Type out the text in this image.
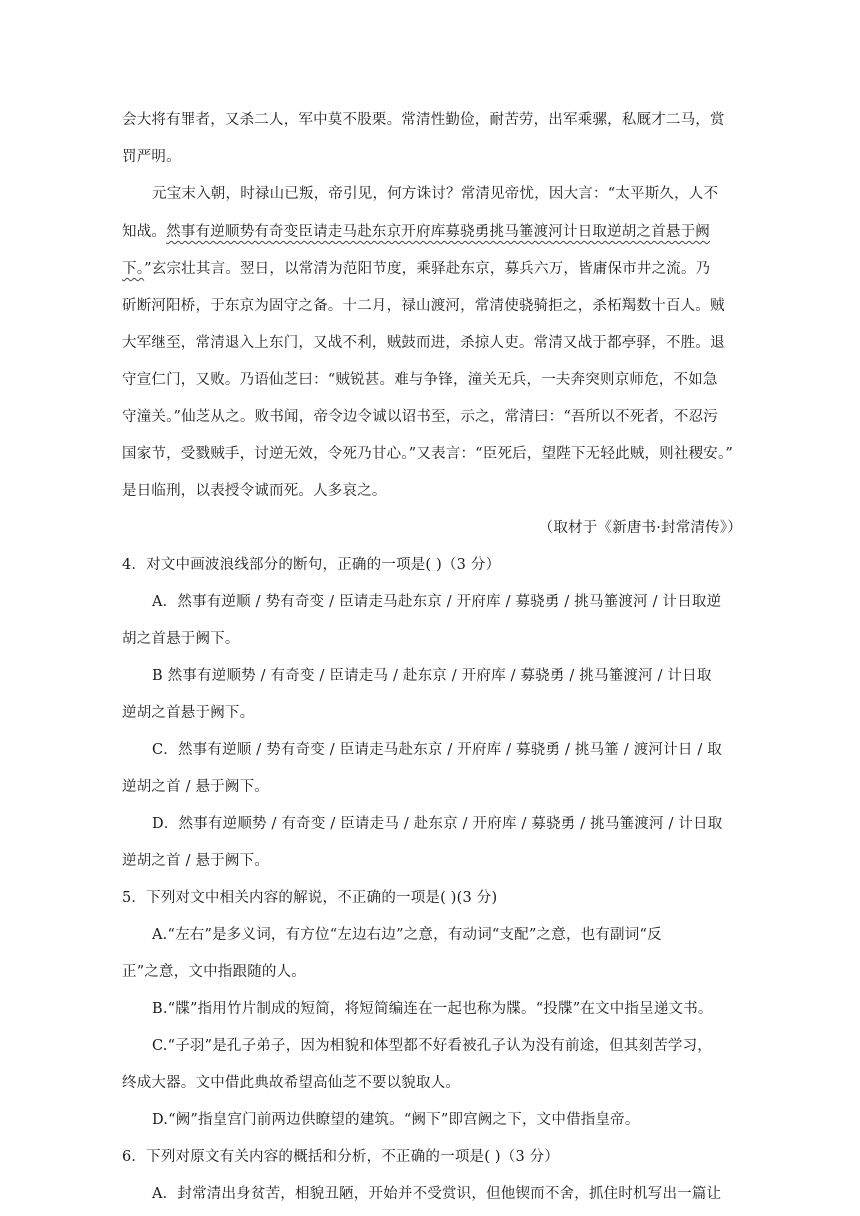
会大将有罪者，又杀二人，军中莫不股栗。常清性勤俭，耐苦劳，出军乘骡，私厩才二马，赏
罚严明。
元宝末入朝，时禄山已叛，帝引见，何方诛讨？常清见帝忧，因大言：“太平斯久，人不
知战。然事有逆顺势有奇变臣请走马赴东京开府库募骁勇挑马箠渡河计日取逆胡之首悬于阙
下。”玄宗壮其言。翌日，以常清为范阳节度，乘驿赴东京，募兵六万，皆庸保市井之流。乃
斫断河阳桥，于东京为固守之备。十二月，禄山渡河，常清使骁骑拒之，杀柘羯数十百人。贼
大军继至，常清退入上东门，又战不利，贼鼓而进，杀掠人吏。常清又战于都亭驿，不胜。退
守宣仁门，又败。乃语仙芝曰：“贼锐甚。难与争锋，潼关无兵，一夫奔突则京师危，不如急
守潼关。”仙芝从之。败书闻，帝令边令诚以诏书至，示之，常清曰：“吾所以不死者，不忍污
国家节，受戮贼手，讨逆无效，令死乃甘心。”又表言：“臣死后，望陛下无轻此贼，则社稷安。”
是日临刑，以表授令诚而死。人多哀之。
（取材于《新唐书·封常清传》）
4．对文中画波浪线部分的断句，正确的一项是( )（3 分）
A．然事有逆顺 / 势有奇变 / 臣请走马赴东京 / 开府库 / 募骁勇 / 挑马箠渡河 / 计日取逆
胡之首悬于阙下。
B 然事有逆顺势 / 有奇变 / 臣请走马 / 赴东京 / 开府库 / 募骁勇 / 挑马箠渡河 / 计日取
逆胡之首悬于阙下。
C．然事有逆顺 / 势有奇变 / 臣请走马赴东京 / 开府库 / 募骁勇 / 挑马箠 / 渡河计日 / 取
逆胡之首 / 悬于阙下。
D．然事有逆顺势 / 有奇变 / 臣请走马 / 赴东京 / 开府库 / 募骁勇 / 挑马箠渡河 / 计日取
逆胡之首 / 悬于阙下。
5．下列对文中相关内容的解说，不正确的一项是( )(3 分)
A.“左右”是多义词，有方位“左边右边”之意，有动词“支配”之意，也有副词“反
正”之意，文中指跟随的人。
B.“牒”指用竹片制成的短简，将短简编连在一起也称为牒。“投牒”在文中指呈递文书。
C.“子羽”是孔子弟子，因为相貌和体型都不好看被孔子认为没有前途，但其刻苦学习，
终成大器。文中借此典故希望高仙芝不要以貌取人。
D.“阙”指皇宫门前两边供瞭望的建筑。“阙下”即宫阙之下，文中借指皇帝。
6．下列对原文有关内容的概括和分析，不正确的一项是( )（3 分）
A．封常清出身贫苦，相貌丑陋，开始并不受赏识，但他锲而不舍，抓住时机写出一篇让
